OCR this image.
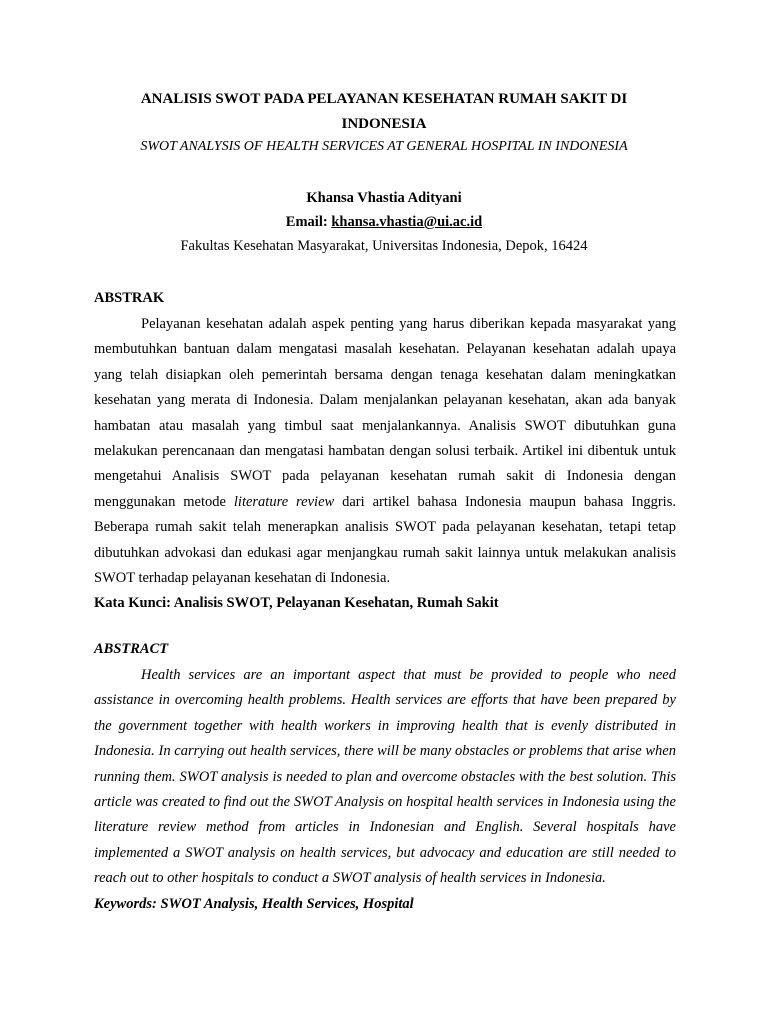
ANALISIS SWOT PADA PELAYANAN KESEHATAN RUMAH SAKIT DI INDONESIA
SWOT ANALYSIS OF HEALTH SERVICES AT GENERAL HOSPITAL IN INDONESIA
Khansa Vhastia Adityani
Email: khansa.vhastia@ui.ac.id
Fakultas Kesehatan Masyarakat, Universitas Indonesia, Depok, 16424
ABSTRAK

Pelayanan kesehatan adalah aspek penting yang harus diberikan kepada masyarakat yang membutuhkan bantuan dalam mengatasi masalah kesehatan. Pelayanan kesehatan adalah upaya yang telah disiapkan oleh pemerintah bersama dengan tenaga kesehatan dalam meningkatkan kesehatan yang merata di Indonesia. Dalam menjalankan pelayanan kesehatan, akan ada banyak hambatan atau masalah yang timbul saat menjalankannya. Analisis SWOT dibutuhkan guna melakukan perencanaan dan mengatasi hambatan dengan solusi terbaik. Artikel ini dibentuk untuk mengetahui Analisis SWOT pada pelayanan kesehatan rumah sakit di Indonesia dengan menggunakan metode literature review dari artikel bahasa Indonesia maupun bahasa Inggris. Beberapa rumah sakit telah menerapkan analisis SWOT pada pelayanan kesehatan, tetapi tetap dibutuhkan advokasi dan edukasi agar menjangkau rumah sakit lainnya untuk melakukan analisis SWOT terhadap pelayanan kesehatan di Indonesia.

Kata Kunci: Analisis SWOT, Pelayanan Kesehatan, Rumah Sakit

ABSTRACT

Health services are an important aspect that must be provided to people who need assistance in overcoming health problems. Health services are efforts that have been prepared by the government together with health workers in improving health that is evenly distributed in Indonesia. In carrying out health services, there will be many obstacles or problems that arise when running them. SWOT analysis is needed to plan and overcome obstacles with the best solution. This article was created to find out the SWOT Analysis on hospital health services in Indonesia using the literature review method from articles in Indonesian and English. Several hospitals have implemented a SWOT analysis on health services, but advocacy and education are still needed to reach out to other hospitals to conduct a SWOT analysis of health services in Indonesia.

Keywords: SWOT Analysis, Health Services, Hospital
